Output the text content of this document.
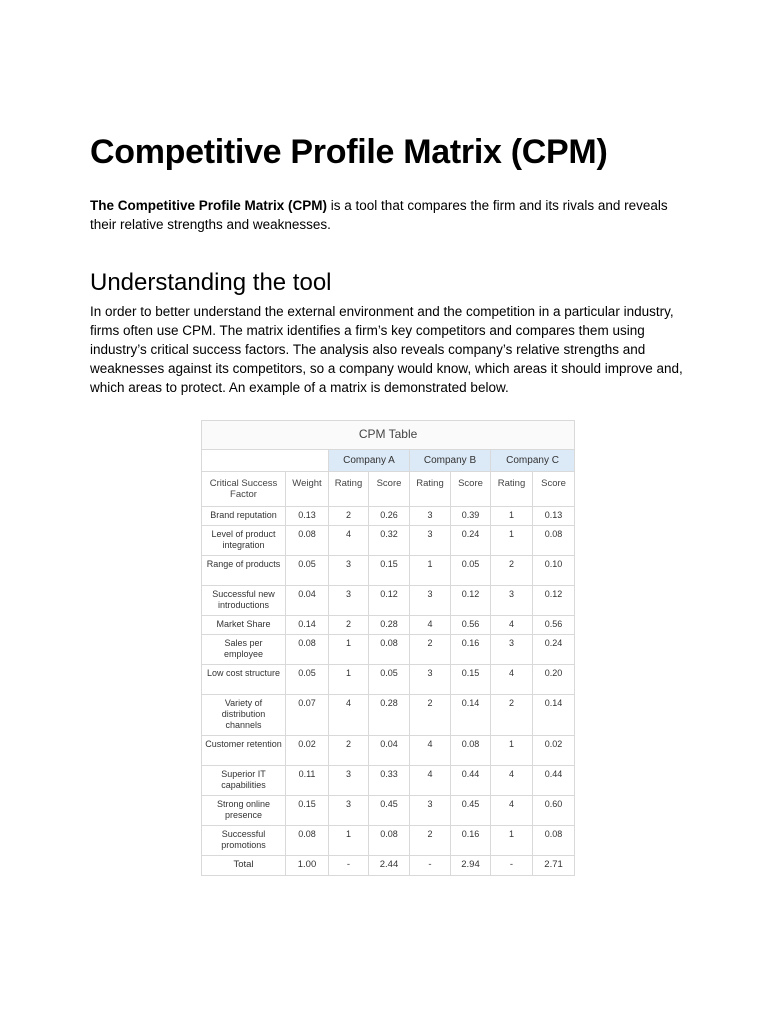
Competitive Profile Matrix (CPM)

The Competitive Profile Matrix (CPM) is a tool that compares the firm and its rivals and reveals their relative strengths and weaknesses.

Understanding the tool

In order to better understand the external environment and the competition in a particular industry, firms often use CPM. The matrix identifies a firm’s key competitors and compares them using industry’s critical success factors. The analysis also reveals company’s relative strengths and weaknesses against its competitors, so a company would know, which areas it should improve and, which areas to protect. An example of a matrix is demonstrated below.

CPM Table							
		Company A		Company B		Company C	
Critical Success Factor	Weight	Rating	Score	Rating	Score	Rating	Score
Brand reputation	0.13	2	0.26	3	0.39	1	0.13
Level of product integration	0.08	4	0.32	3	0.24	1	0.08
Range of products	0.05	3	0.15	1	0.05	2	0.10
Successful new introductions	0.04	3	0.12	3	0.12	3	0.12
Market Share	0.14	2	0.28	4	0.56	4	0.56
Sales per employee	0.08	1	0.08	2	0.16	3	0.24
Low cost structure	0.05	1	0.05	3	0.15	4	0.20
Variety of distribution channels	0.07	4	0.28	2	0.14	2	0.14
Customer retention	0.02	2	0.04	4	0.08	1	0.02
Superior IT capabilities	0.11	3	0.33	4	0.44	4	0.44
Strong online presence	0.15	3	0.45	3	0.45	4	0.60
Successful promotions	0.08	1	0.08	2	0.16	1	0.08
Total	1.00	-	2.44	-	2.94	-	2.71
